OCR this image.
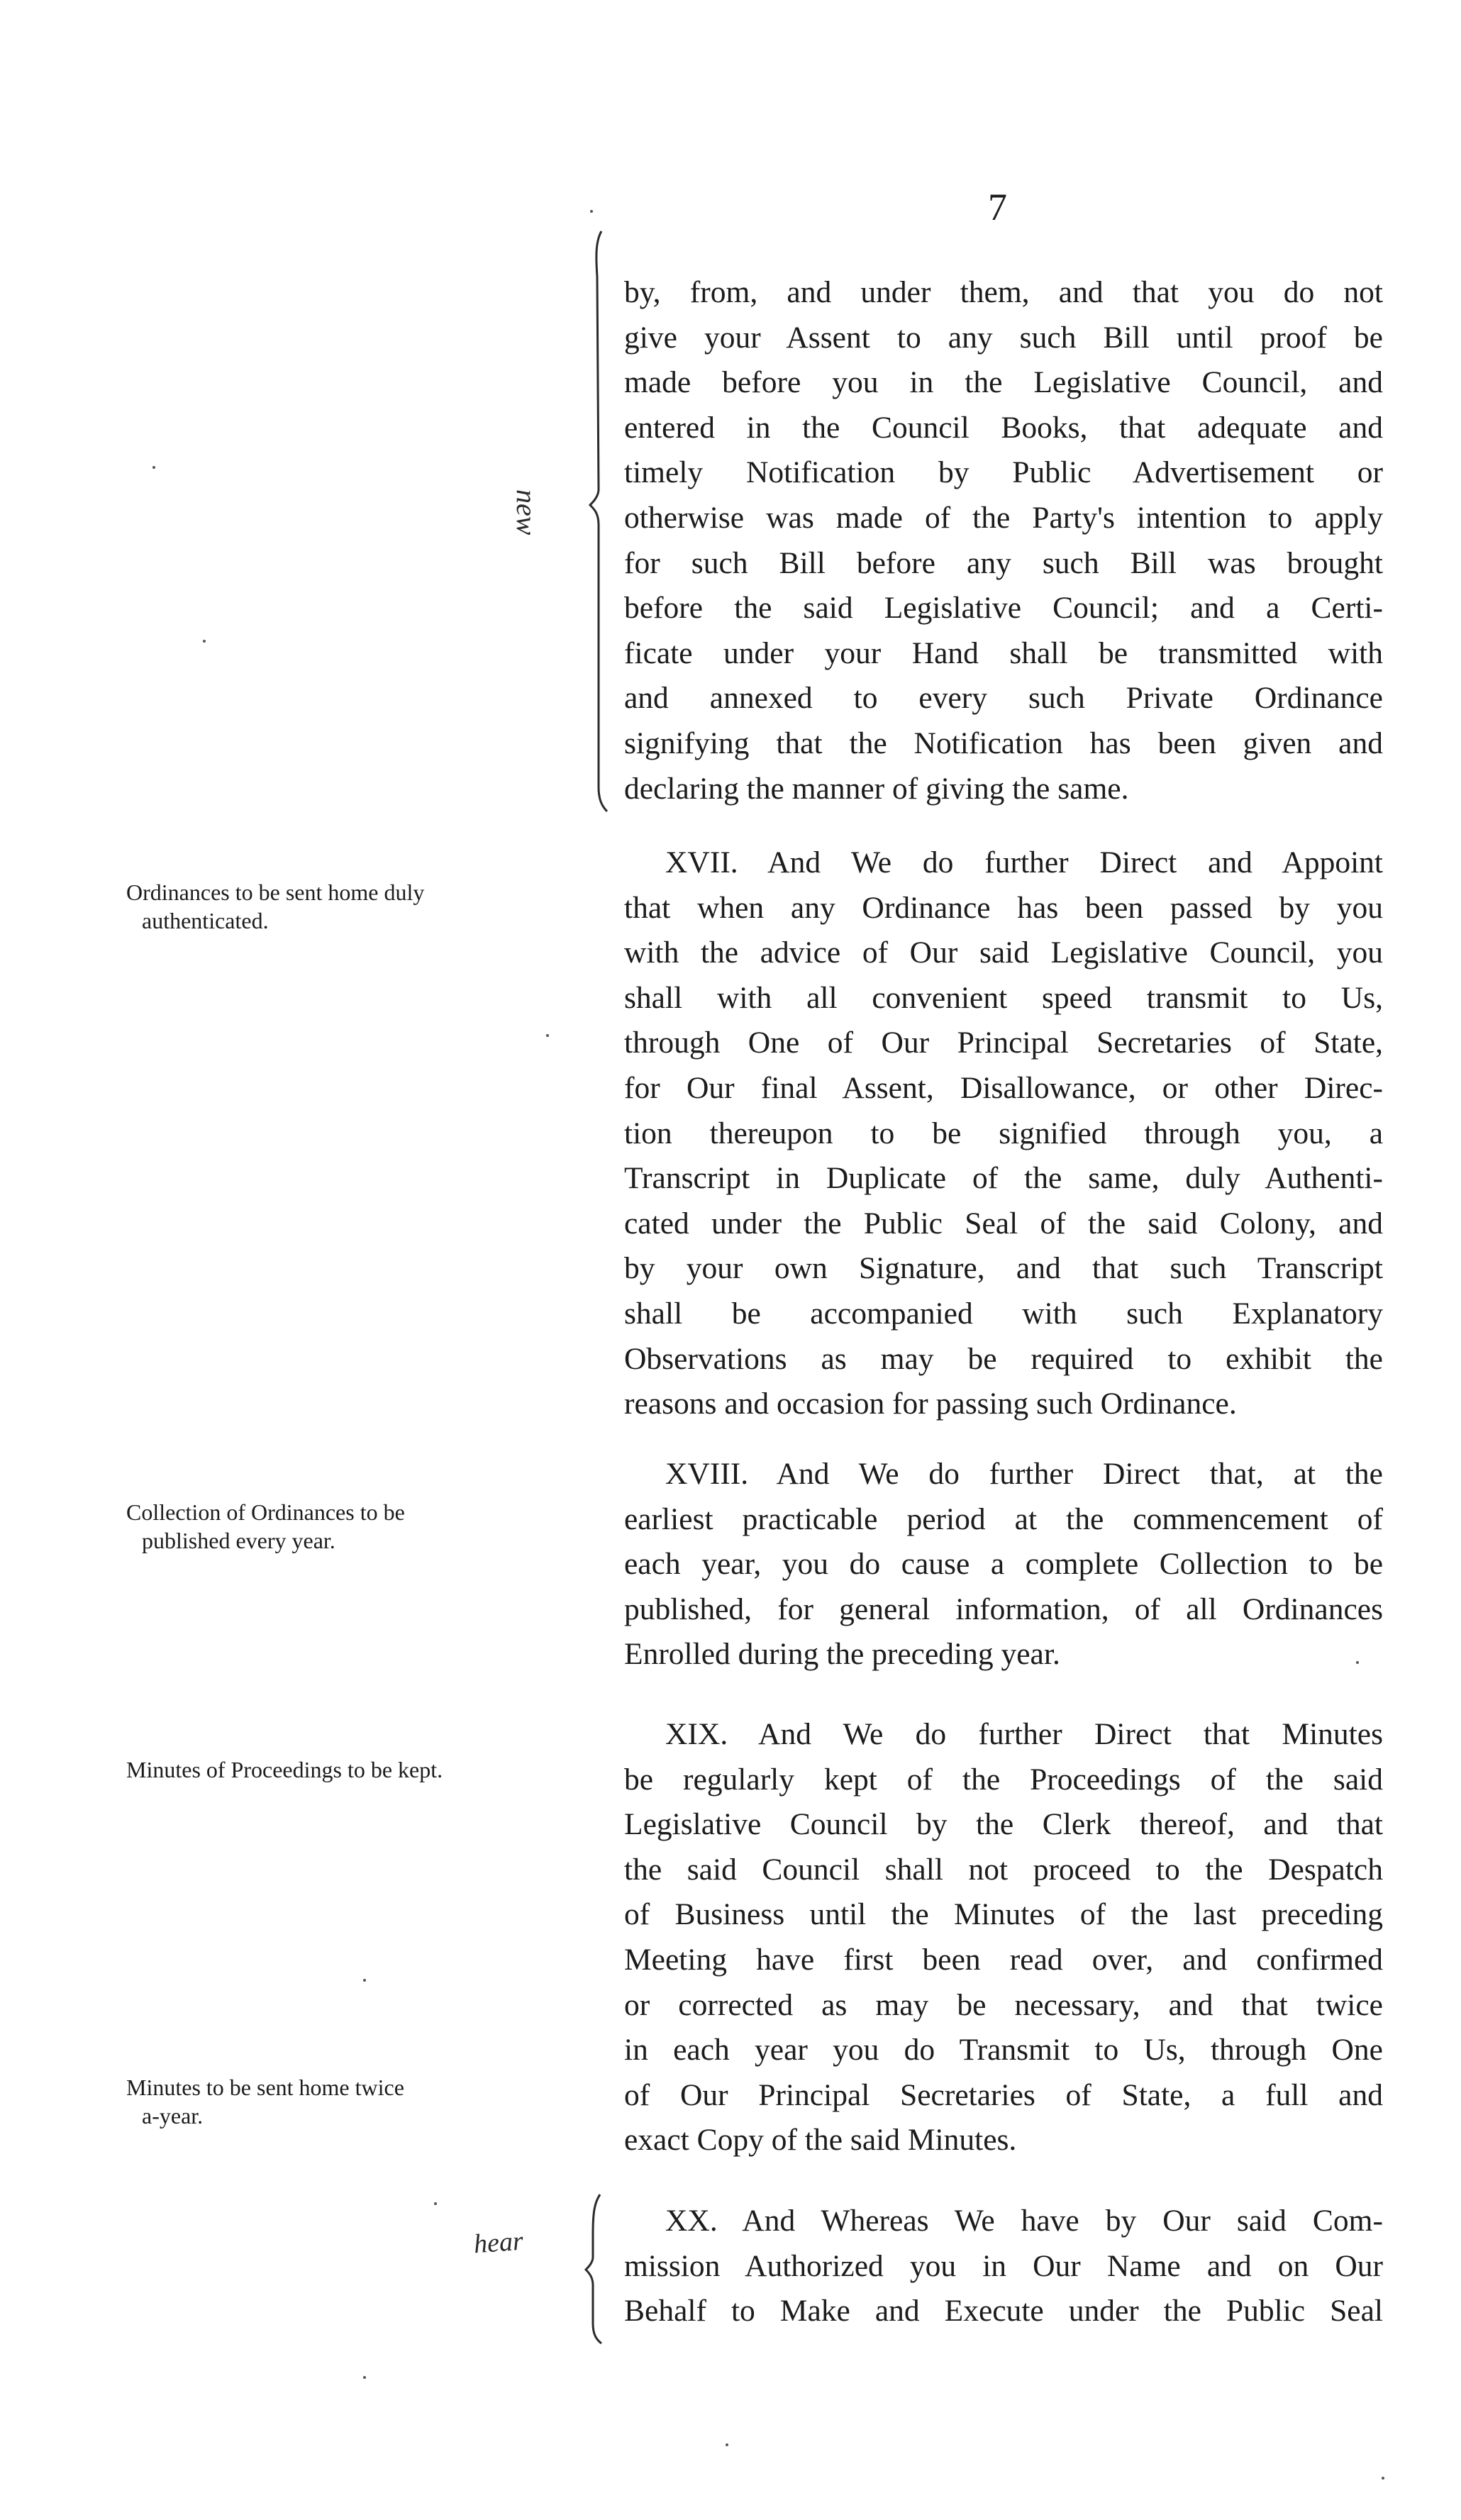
7
by, from, and under them, and that you do not
give your Assent to any such Bill until proof be
made before you in the Legislative Council, and
entered in the Council Books, that adequate and
timely Notification by Public Advertisement or
otherwise was made of the Party's intention to apply
for such Bill before any such Bill was brought
before the said Legislative Council; and a Certi-
ficate under your Hand shall be transmitted with
and annexed to every such Private Ordinance
signifying that the Notification has been given and
declaring the manner of giving the same.
XVII. And We do further Direct and Appoint
that when any Ordinance has been passed by you
with the advice of Our said Legislative Council, you
shall with all convenient speed transmit to Us,
through One of Our Principal Secretaries of State,
for Our final Assent, Disallowance, or other Direc-
tion thereupon to be signified through you, a
Transcript in Duplicate of the same, duly Authenti-
cated under the Public Seal of the said Colony, and
by your own Signature, and that such Transcript
shall be accompanied with such Explanatory
Observations as may be required to exhibit the
reasons and occasion for passing such Ordinance.
XVIII. And We do further Direct that, at the
earliest practicable period at the commencement of
each year, you do cause a complete Collection to be
published, for general information, of all Ordinances
Enrolled during the preceding year.
XIX. And We do further Direct that Minutes
be regularly kept of the Proceedings of the said
Legislative Council by the Clerk thereof, and that
the said Council shall not proceed to the Despatch
of Business until the Minutes of the last preceding
Meeting have first been read over, and confirmed
or corrected as may be necessary, and that twice
in each year you do Transmit to Us, through One
of Our Principal Secretaries of State, a full and
exact Copy of the said Minutes.
XX. And Whereas We have by Our said Com-
mission Authorized you in Our Name and on Our
Behalf to Make and Execute under the Public Seal
Ordinances to be sent home duly
authenticated.
Collection of Ordinances to be
published every year.
Minutes of Proceedings to be kept.
Minutes to be sent home twice
a-year.
new
hear
